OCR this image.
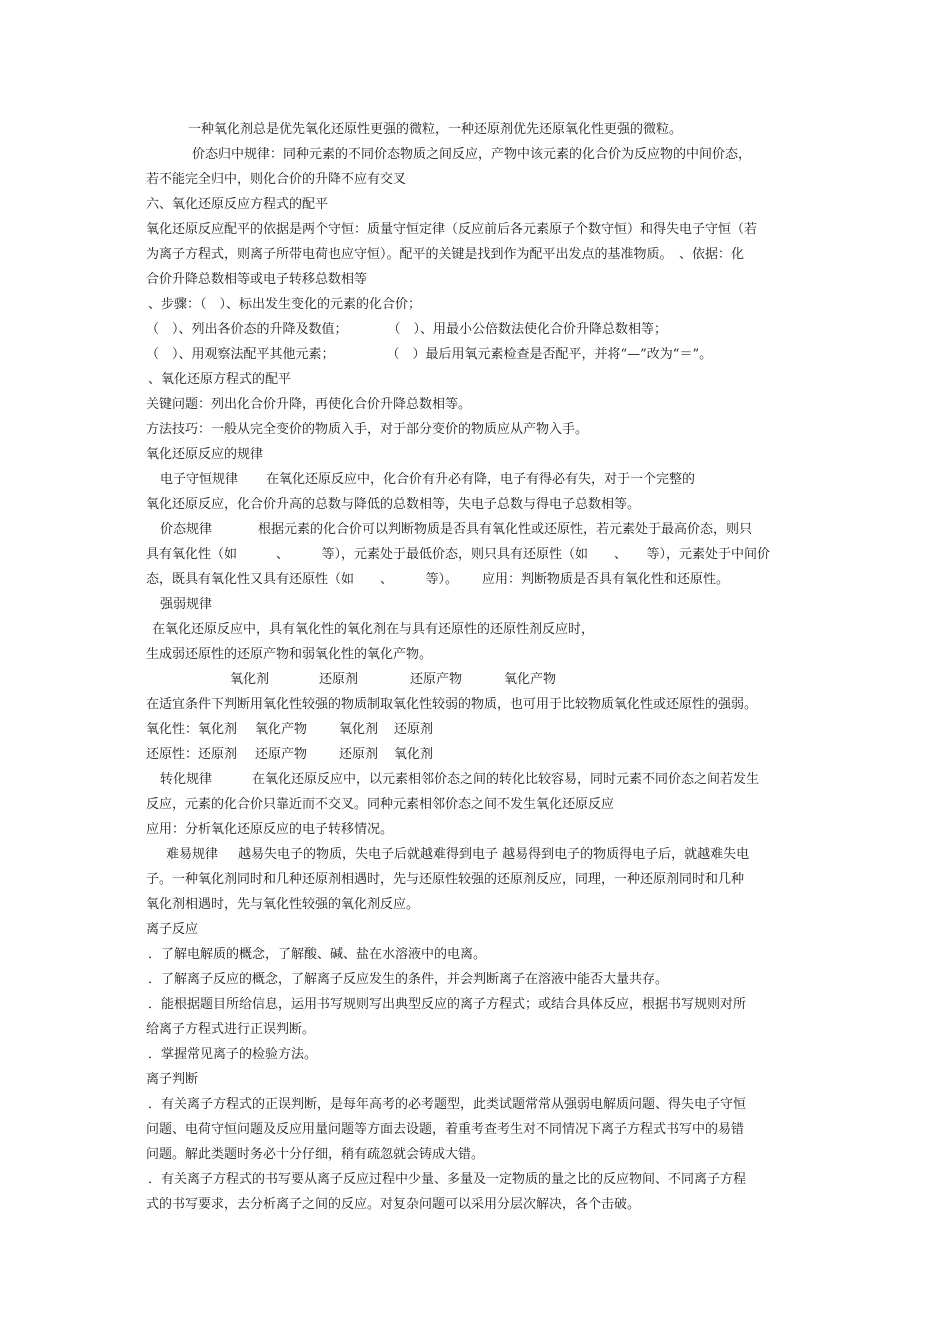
一种氧化剂总是优先氧化还原性更强的微粒，一种还原剂优先还原氧化性更强的微粒。
价态归中规律：同种元素的不同价态物质之间反应，产物中该元素的化合价为反应物的中间价态，
若不能完全归中，则化合价的升降不应有交叉
六、氧化还原反应方程式的配平
氧化还原反应配平的依据是两个守恒：质量守恒定律（反应前后各元素原子个数守恒）和得失电子守恒（若
为离子方程式，则离子所带电荷也应守恒）。配平的关键是找到作为配平出发点的基准物质。　、依据：化
合价升降总数相等或电子转移总数相等
、步骤：（　）、标出发生变化的元素的化合价；
（　）、列出各价态的升降及数值；	（　）、用最小公倍数法使化合价升降总数相等；
（　）、用观察法配平其他元素；	（　）最后用氧元素检查是否配平，并将“—”改为“＝”。
、氧化还原方程式的配平
关键问题：列出化合价升降，再使化合价升降总数相等。
方法技巧：一般从完全变价的物质入手，对于部分变价的物质应从产物入手。
氧化还原反应的规律
电子守恒规律 在氧化还原反应中，化合价有升必有降，电子有得必有失，对于一个完整的
氧化还原反应，化合价升高的总数与降低的总数相等，失电子总数与得电子总数相等。
价态规律	根据元素的化合价可以判断物质是否具有氧化性或还原性，若元素处于最高价态，则只
具有氧化性（如　　　、　　　等），元素处于最低价态，则只具有还原性（如　　、　　等），元素处于中间价
态，既具有氧化性又具有还原性（如　　、　　　等）。 应用：判断物质是否具有氧化性和还原性。
强弱规律
在氧化还原反应中，具有氧化性的氧化剂在与具有还原性的还原性剂反应时，
生成弱还原性的还原产物和弱氧化性的氧化产物。
氧化剂	还原剂	还原产物	氧化产物
在适宜条件下判断用氧化性较强的物质制取氧化性较弱的物质，也可用于比较物质氧化性或还原性的强弱。
氧化性：氧化剂 氧化产物 氧化剂 还原剂
还原性：还原剂 还原产物 还原剂 氧化剂
转化规律	在氧化还原反应中，以元素相邻价态之间的转化比较容易，同时元素不同价态之间若发生
反应，元素的化合价只靠近而不交叉。同种元素相邻价态之间不发生氧化还原反应
应用：分析氧化还原反应的电子转移情况。
难易规律 越易失电子的物质，失电子后就越难得到电子 越易得到电子的物质得电子后，就越难失电
子。一种氧化剂同时和几种还原剂相遇时，先与还原性较强的还原剂反应，同理，一种还原剂同时和几种
氧化剂相遇时，先与氧化性较强的氧化剂反应。
离子反应
．了解电解质的概念，了解酸、碱、盐在水溶液中的电离。
．了解离子反应的概念，了解离子反应发生的条件，并会判断离子在溶液中能否大量共存。
．能根据题目所给信息，运用书写规则写出典型反应的离子方程式；或结合具体反应，根据书写规则对所
给离子方程式进行正误判断。
．掌握常见离子的检验方法。
离子判断
．有关离子方程式的正误判断，是每年高考的必考题型，此类试题常常从强弱电解质问题、得失电子守恒
问题、电荷守恒问题及反应用量问题等方面去设题，着重考查考生对不同情况下离子方程式书写中的易错
问题。解此类题时务必十分仔细，稍有疏忽就会铸成大错。
．有关离子方程式的书写要从离子反应过程中少量、多量及一定物质的量之比的反应物间、不同离子方程
式的书写要求，去分析离子之间的反应。对复杂问题可以采用分层次解决，各个击破。
